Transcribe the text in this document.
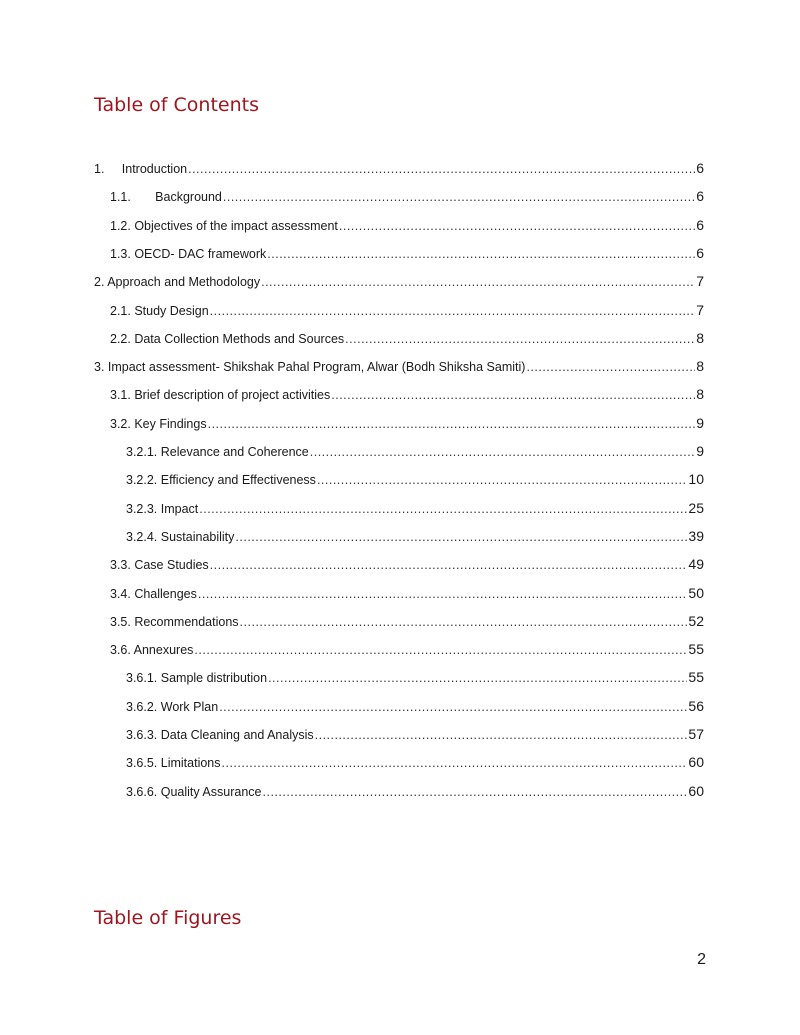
Table of Contents
1.     Introduction .....	6
1.1.       Background .....	6
1.2. Objectives of the impact assessment .....	6
1.3. OECD- DAC framework .....	6
2. Approach and Methodology .....	7
2.1. Study Design .....	7
2.2. Data Collection Methods and Sources .....	8
3. Impact assessment- Shikshak Pahal Program, Alwar (Bodh Shiksha Samiti) .....	8
3.1. Brief description of project activities .....	8
3.2. Key Findings .....	9
3.2.1. Relevance and Coherence .....	9
3.2.2. Efficiency and Effectiveness .....	10
3.2.3. Impact .....	25
3.2.4. Sustainability .....	39
3.3. Case Studies .....	49
3.4. Challenges .....	50
3.5. Recommendations .....	52
3.6. Annexures .....	55
3.6.1. Sample distribution .....	55
3.6.2. Work Plan .....	56
3.6.3. Data Cleaning and Analysis .....	57
3.6.5. Limitations .....	60
3.6.6. Quality Assurance .....	60
Table of Figures
2
